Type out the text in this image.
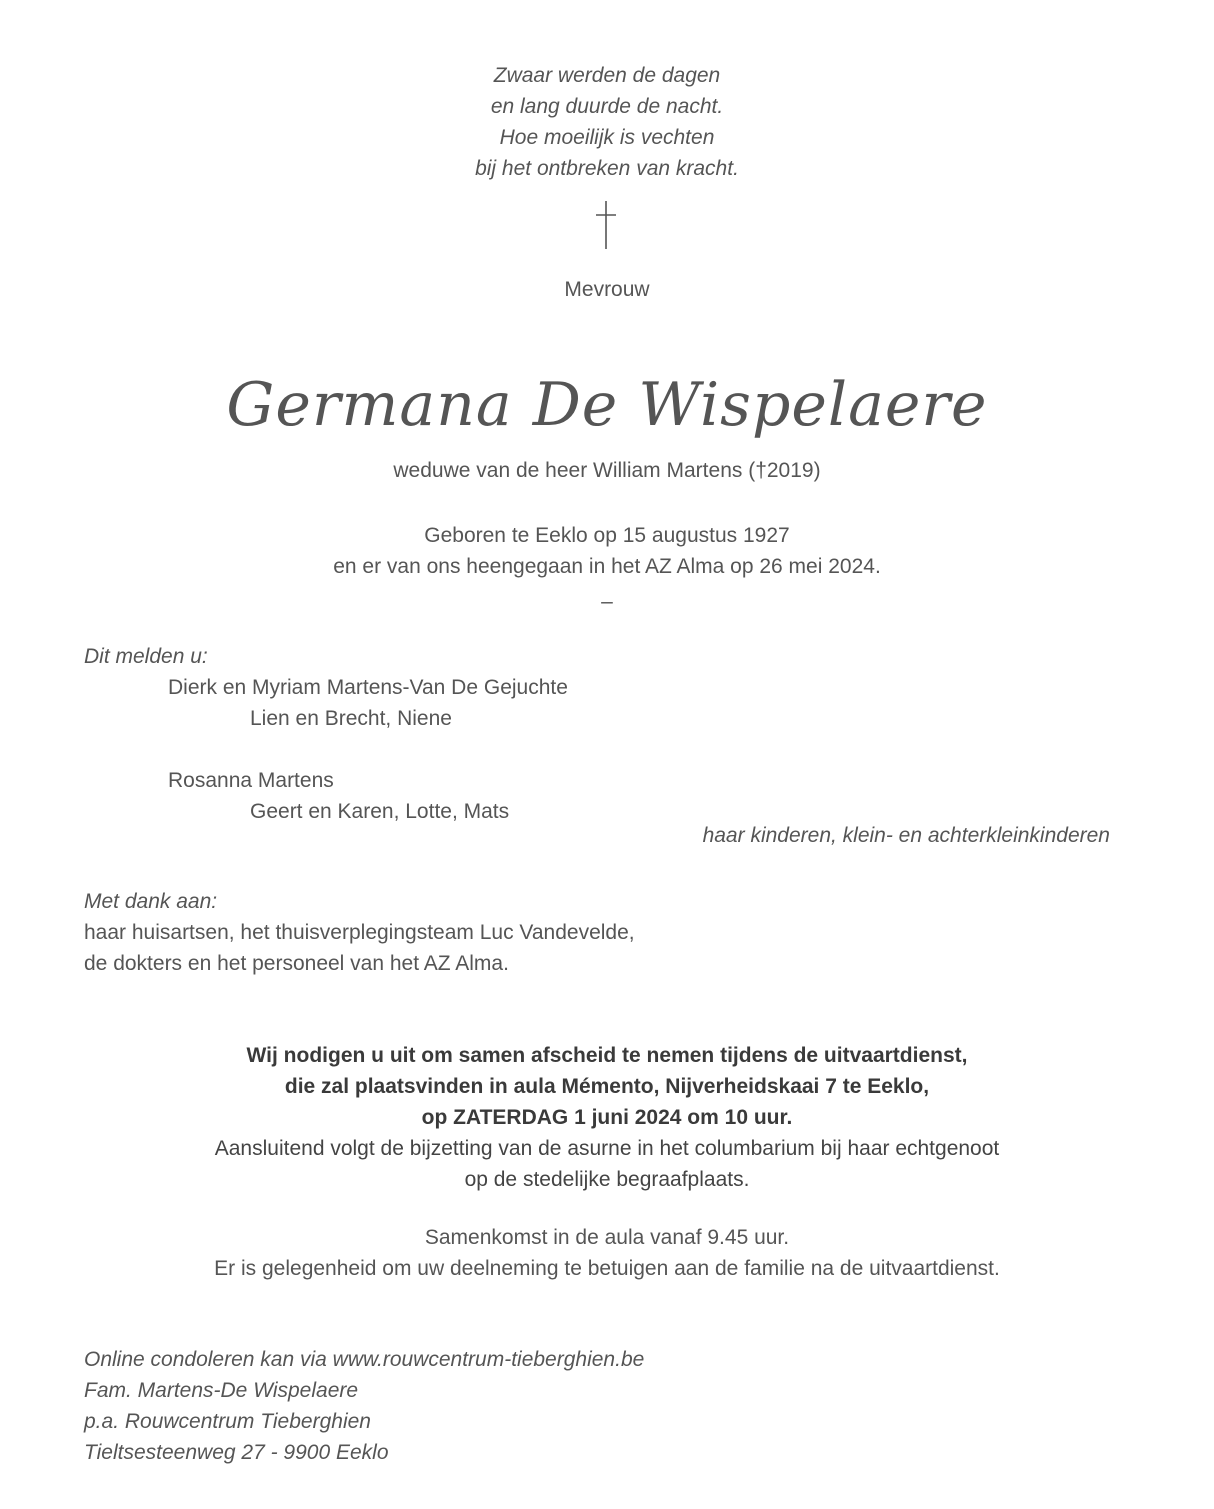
Zwaar werden de dagen
en lang duurde de nacht.
Hoe moeilijk is vechten
bij het ontbreken van kracht.
Mevrouw
Germana De Wispelaere
weduwe van de heer William Martens (†2019)
Geboren te Eeklo op 15 augustus 1927
en er van ons heengegaan in het AZ Alma op 26 mei 2024.
–
Dit melden u:
Dierk en Myriam Martens-Van De Gejuchte
Lien en Brecht, Niene
Rosanna Martens
Geert en Karen, Lotte, Mats
haar kinderen, klein- en achterkleinkinderen
Met dank aan:
haar huisartsen, het thuisverplegingsteam Luc Vandevelde,
de dokters en het personeel van het AZ Alma.
Wij nodigen u uit om samen afscheid te nemen tijdens de uitvaartdienst,
die zal plaatsvinden in aula Mémento, Nijverheidskaai 7 te Eeklo,
op ZATERDAG 1 juni 2024 om 10 uur.
Aansluitend volgt de bijzetting van de asurne in het columbarium bij haar echtgenoot
op de stedelijke begraafplaats.
Samenkomst in de aula vanaf 9.45 uur.
Er is gelegenheid om uw deelneming te betuigen aan de familie na de uitvaartdienst.
Online condoleren kan via www.rouwcentrum-tieberghien.be
Fam. Martens-De Wispelaere
p.a. Rouwcentrum Tieberghien
Tieltsesteenweg 27 - 9900 Eeklo
